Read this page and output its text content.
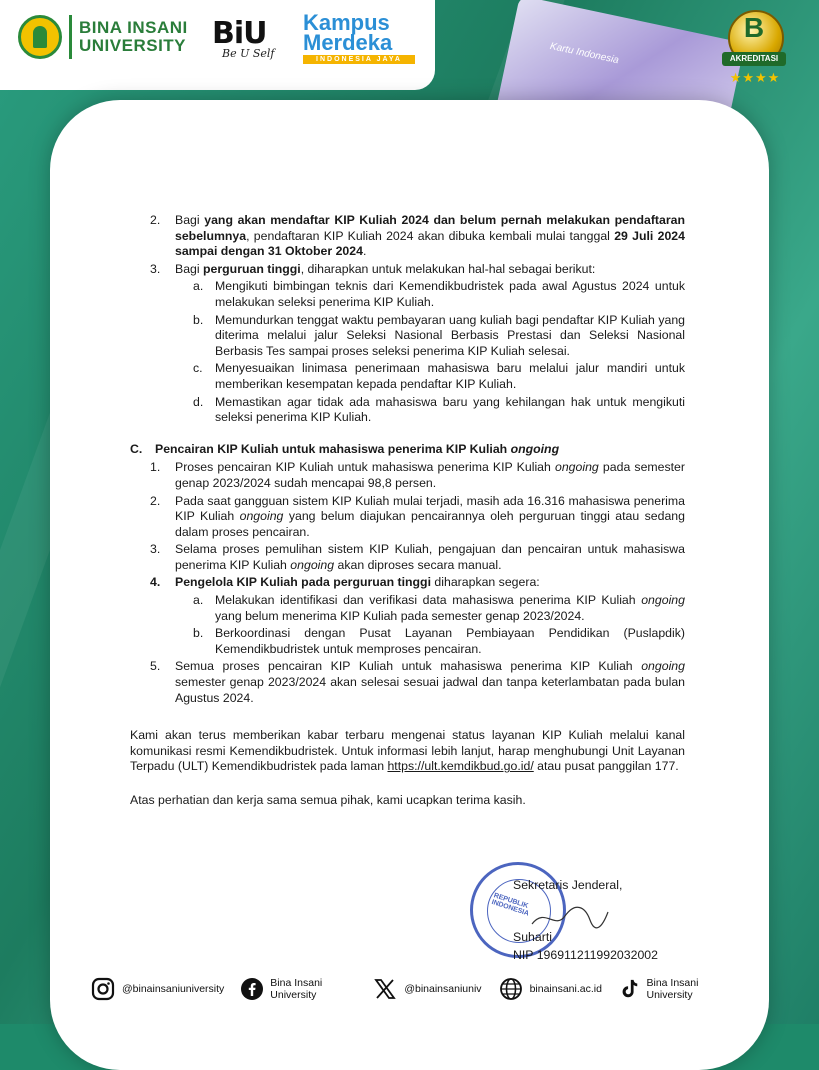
BINA INSANI
UNIVERSITY BiU
Be U Self
Kampus
Merdeka
INDONESIA JAYA	Kartu Indonesia
B
AKREDITASI
★★★★
2. Bagi yang akan mendaftar KIP Kuliah 2024 dan belum pernah melakukan pendaftaran sebelumnya, pendaftaran KIP Kuliah 2024 akan dibuka kembali mulai tanggal 29 Juli 2024 sampai dengan 31 Oktober 2024.
3. Bagi perguruan tinggi, diharapkan untuk melakukan hal-hal sebagai berikut:
a. Mengikuti bimbingan teknis dari Kemendikbudristek pada awal Agustus 2024 untuk melakukan seleksi penerima KIP Kuliah.
b. Memundurkan tenggat waktu pembayaran uang kuliah bagi pendaftar KIP Kuliah yang diterima melalui jalur Seleksi Nasional Berbasis Prestasi dan Seleksi Nasional Berbasis Tes sampai proses seleksi penerima KIP Kuliah selesai.
c. Menyesuaikan linimasa penerimaan mahasiswa baru melalui jalur mandiri untuk memberikan kesempatan kepada pendaftar KIP Kuliah.
d. Memastikan agar tidak ada mahasiswa baru yang kehilangan hak untuk mengikuti seleksi penerima KIP Kuliah.
C. Pencairan KIP Kuliah untuk mahasiswa penerima KIP Kuliah ongoing
1. Proses pencairan KIP Kuliah untuk mahasiswa penerima KIP Kuliah ongoing pada semester genap 2023/2024 sudah mencapai 98,8 persen.
2. Pada saat gangguan sistem KIP Kuliah mulai terjadi, masih ada 16.316 mahasiswa penerima KIP Kuliah ongoing yang belum diajukan pencairannya oleh perguruan tinggi atau sedang dalam proses pencairan.
3. Selama proses pemulihan sistem KIP Kuliah, pengajuan dan pencairan untuk mahasiswa penerima KIP Kuliah ongoing akan diproses secara manual.
4. Pengelola KIP Kuliah pada perguruan tinggi diharapkan segera:
a. Melakukan identifikasi dan verifikasi data mahasiswa penerima KIP Kuliah ongoing yang belum menerima KIP Kuliah pada semester genap 2023/2024.
b. Berkoordinasi dengan Pusat Layanan Pembiayaan Pendidikan (Puslapdik) Kemendikbudristek untuk memproses pencairan.
5. Semua proses pencairan KIP Kuliah untuk mahasiswa penerima KIP Kuliah ongoing semester genap 2023/2024 akan selesai sesuai jadwal dan tanpa keterlambatan pada bulan Agustus 2024.
Kami akan terus memberikan kabar terbaru mengenai status layanan KIP Kuliah melalui kanal komunikasi resmi Kemendikbudristek. Untuk informasi lebih lanjut, harap menghubungi Unit Layanan Terpadu (ULT) Kemendikbudristek pada laman https://ult.kemdikbud.go.id/ atau pusat panggilan 177.
Atas perhatian dan kerja sama semua pihak, kami ucapkan terima kasih.
REPUBLIK INDONESIA
Sekretaris Jenderal,
Suharti
NIP 196911211992032002
@binainsaniuniversity	Bina Insani University	@binainsaniuniv	binainsani.ac.id	Bina Insani University
